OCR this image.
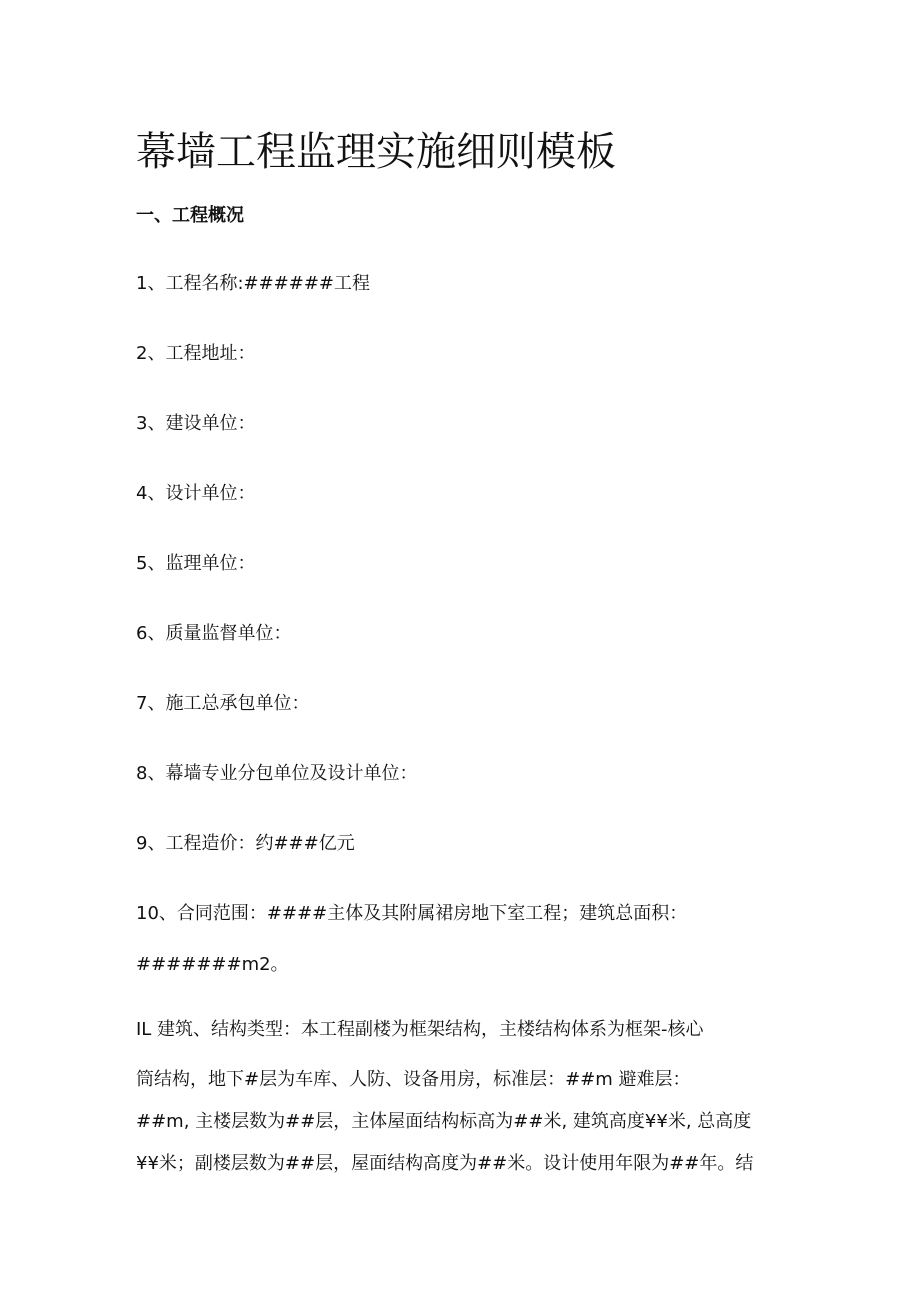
幕墙工程监理实施细则模板
一、工程概况

1、工程名称:######工程

2、工程地址：

3、建设单位：

4、设计单位：

5、监理单位：

6、质量监督单位：

7、施工总承包单位：

8、幕墙专业分包单位及设计单位：

9、工程造价：约###亿元

10、合同范围：####主体及其附属裙房地下室工程；建筑总面积：
#######m2。

IL 建筑、结构类型：本工程副楼为框架结构，主楼结构体系为框架-核心

筒结构，地下#层为车库、人防、设备用房，标准层：##m 避难层：

##m, 主楼层数为##层，主体屋面结构标高为##米, 建筑高度¥¥米, 总高度

¥¥米；副楼层数为##层，屋面结构高度为##米。设计使用年限为##年。结
